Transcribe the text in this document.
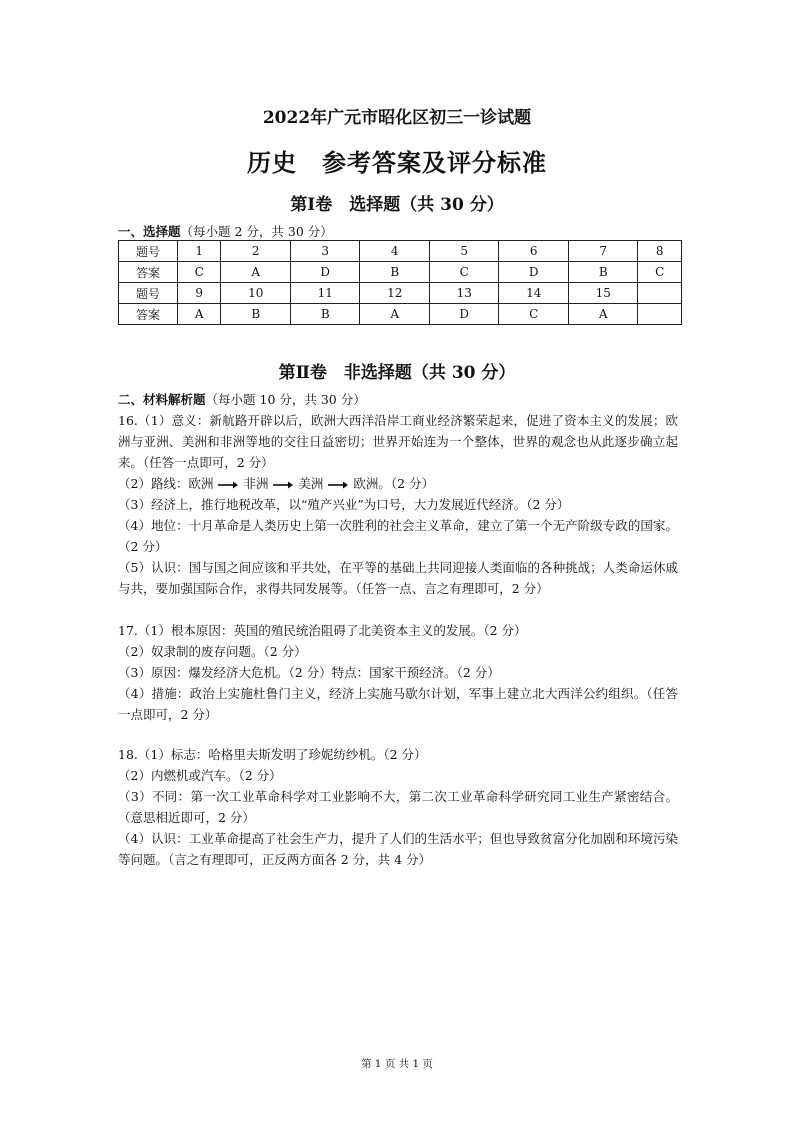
2022年广元市昭化区初三一诊试题
历史　参考答案及评分标准
第Ⅰ卷　选择题（共 30 分）
一、选择题（每小题 2 分，共 30 分）
题号	1	2	3	4	5	6	7	8
答案	C	A	D	B	C	D	B	C
题号	9	10	11	12	13	14	15	
答案	A	B	B	A	D	C	A	
第Ⅱ卷　非选择题（共 30 分）
二、材料解析题（每小题 10 分，共 30 分）

16.（1）意义：新航路开辟以后，欧洲大西洋沿岸工商业经济繁荣起来，促进了资本主义的发展；欧洲与亚洲、美洲和非洲等地的交往日益密切；世界开始连为一个整体，世界的观念也从此逐步确立起来。（任答一点即可，2 分）

（2）路线：欧洲 非洲 美洲 欧洲。（2 分）

（3）经济上，推行地税改革，以“殖产兴业”为口号，大力发展近代经济。（2 分）

（4）地位：十月革命是人类历史上第一次胜利的社会主义革命，建立了第一个无产阶级专政的国家。（2 分）

（5）认识：国与国之间应该和平共处，在平等的基础上共同迎接人类面临的各种挑战；人类命运休戚与共，要加强国际合作，求得共同发展等。（任答一点、言之有理即可，2 分）

17.（1）根本原因：英国的殖民统治阻碍了北美资本主义的发展。（2 分）

（2）奴隶制的废存问题。（2 分）

（3）原因：爆发经济大危机。（2 分）特点：国家干预经济。（2 分）

（4）措施：政治上实施杜鲁门主义，经济上实施马歇尔计划，军事上建立北大西洋公约组织。（任答一点即可，2 分）

18.（1）标志：哈格里夫斯发明了珍妮纺纱机。（2 分）

（2）内燃机或汽车。（2 分）

（3）不同：第一次工业革命科学对工业影响不大，第二次工业革命科学研究同工业生产紧密结合。（意思相近即可，2 分）

（4）认识：工业革命提高了社会生产力，提升了人们的生活水平；但也导致贫富分化加剧和环境污染等问题。（言之有理即可，正反两方面各 2 分，共 4 分）

第 1 页 共 1 页
